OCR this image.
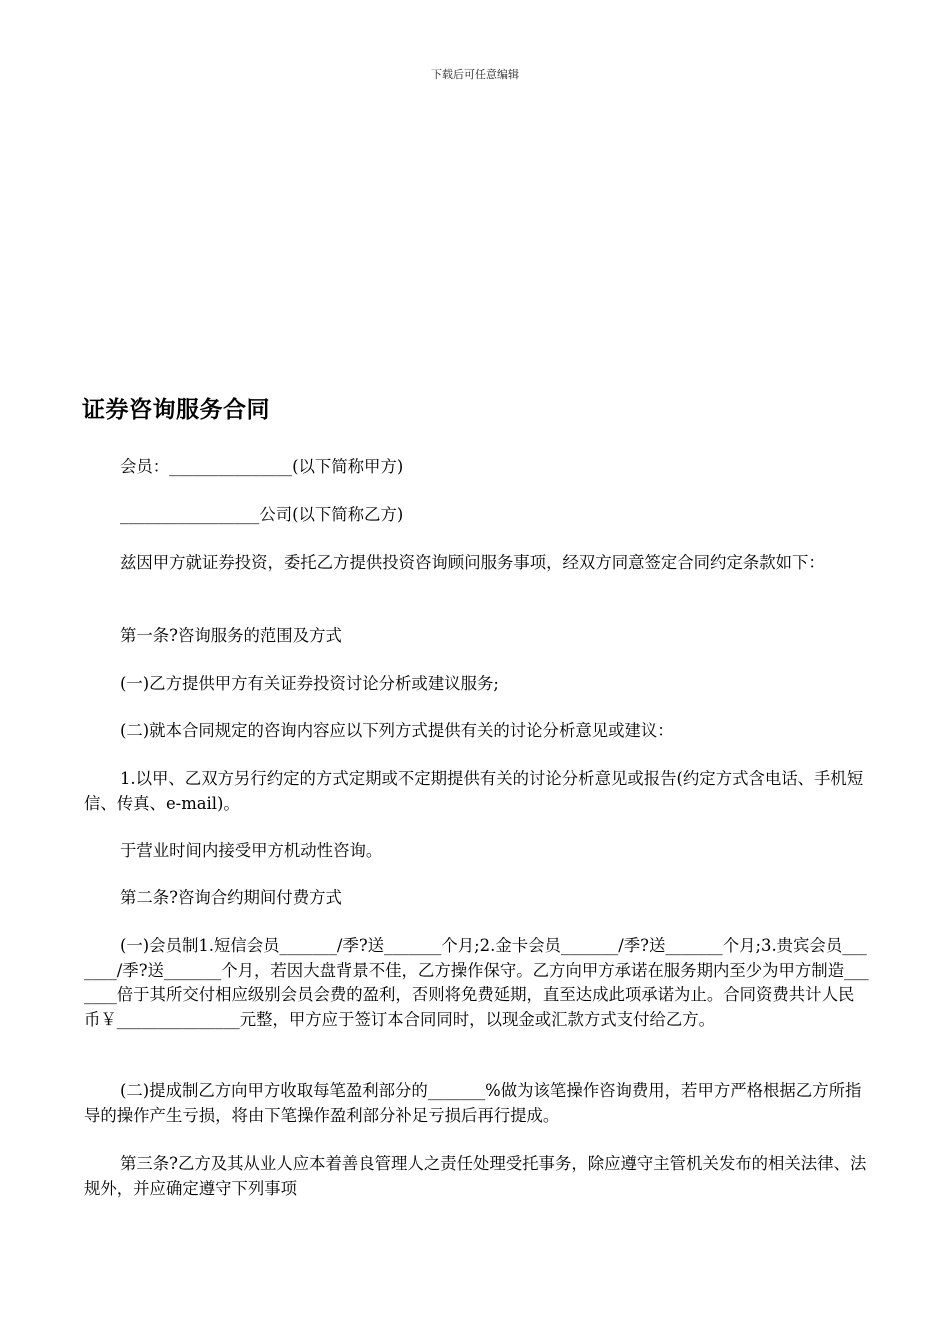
下载后可任意编辑
证券咨询服务合同

会员：_______________(以下简称甲方)

_________________公司(以下简称乙方)

兹因甲方就证券投资，委托乙方提供投资咨询顾问服务事项，经双方同意签定合同约定条款如下：

第一条?咨询服务的范围及方式

(一)乙方提供甲方有关证券投资讨论分析或建议服务;

(二)就本合同规定的咨询内容应以下列方式提供有关的讨论分析意见或建议：

1.以甲、乙双方另行约定的方式定期或不定期提供有关的讨论分析意见或报告(约定方式含电话、手机短信、传真、e-mail)。

于营业时间内接受甲方机动性咨询。

第二条?咨询合约期间付费方式

(一)会员制1.短信会员_______/季?送_______个月;2.金卡会员_______/季?送_______个月;3.贵宾会员_______/季?送_______个月，若因大盘背景不佳，乙方操作保守。乙方向甲方承诺在服务期内至少为甲方制造_______倍于其所交付相应级别会员会费的盈利，否则将免费延期，直至达成此项承诺为止。合同资费共计人民币￥_______________元整，甲方应于签订本合同同时，以现金或汇款方式支付给乙方。

(二)提成制乙方向甲方收取每笔盈利部分的_______%做为该笔操作咨询费用，若甲方严格根据乙方所指导的操作产生亏损，将由下笔操作盈利部分补足亏损后再行提成。

第三条?乙方及其从业人应本着善良管理人之责任处理受托事务，除应遵守主管机关发布的相关法律、法规外，并应确定遵守下列事项
